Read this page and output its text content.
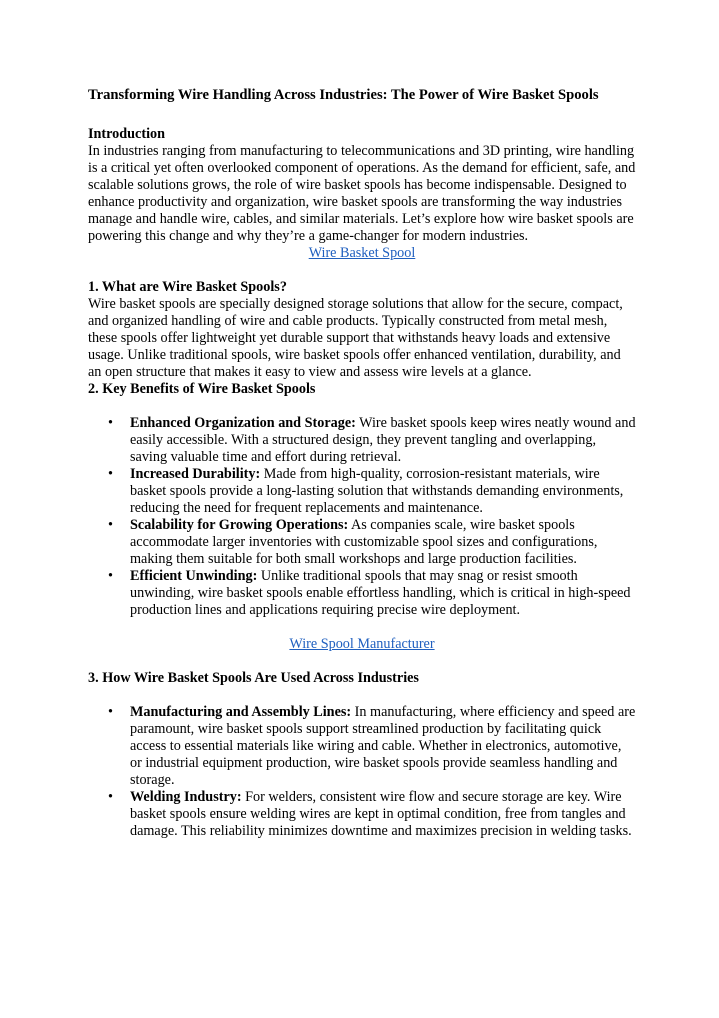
Transforming Wire Handling Across Industries: The Power of Wire Basket Spools
Introduction

In industries ranging from manufacturing to telecommunications and 3D printing, wire handling is a critical yet often overlooked component of operations. As the demand for efficient, safe, and scalable solutions grows, the role of wire basket spools has become indispensable. Designed to enhance productivity and organization, wire basket spools are transforming the way industries manage and handle wire, cables, and similar materials. Let’s explore how wire basket spools are powering this change and why they’re a game-changer for modern industries.

Wire Basket Spool
1. What are Wire Basket Spools?

Wire basket spools are specially designed storage solutions that allow for the secure, compact, and organized handling of wire and cable products. Typically constructed from metal mesh, these spools offer lightweight yet durable support that withstands heavy loads and extensive usage. Unlike traditional spools, wire basket spools offer enhanced ventilation, durability, and an open structure that makes it easy to view and assess wire levels at a glance.

2. Key Benefits of Wire Basket Spools
• Enhanced Organization and Storage: Wire basket spools keep wires neatly wound and easily accessible. With a structured design, they prevent tangling and overlapping, saving valuable time and effort during retrieval.
• Increased Durability: Made from high-quality, corrosion-resistant materials, wire basket spools provide a long-lasting solution that withstands demanding environments, reducing the need for frequent replacements and maintenance.
• Scalability for Growing Operations: As companies scale, wire basket spools accommodate larger inventories with customizable spool sizes and configurations, making them suitable for both small workshops and large production facilities.
• Efficient Unwinding: Unlike traditional spools that may snag or resist smooth unwinding, wire basket spools enable effortless handling, which is critical in high-speed production lines and applications requiring precise wire deployment.
Wire Spool Manufacturer
3. How Wire Basket Spools Are Used Across Industries
• Manufacturing and Assembly Lines: In manufacturing, where efficiency and speed are paramount, wire basket spools support streamlined production by facilitating quick access to essential materials like wiring and cable. Whether in electronics, automotive, or industrial equipment production, wire basket spools provide seamless handling and storage.
• Welding Industry: For welders, consistent wire flow and secure storage are key. Wire basket spools ensure welding wires are kept in optimal condition, free from tangles and damage. This reliability minimizes downtime and maximizes precision in welding tasks.
